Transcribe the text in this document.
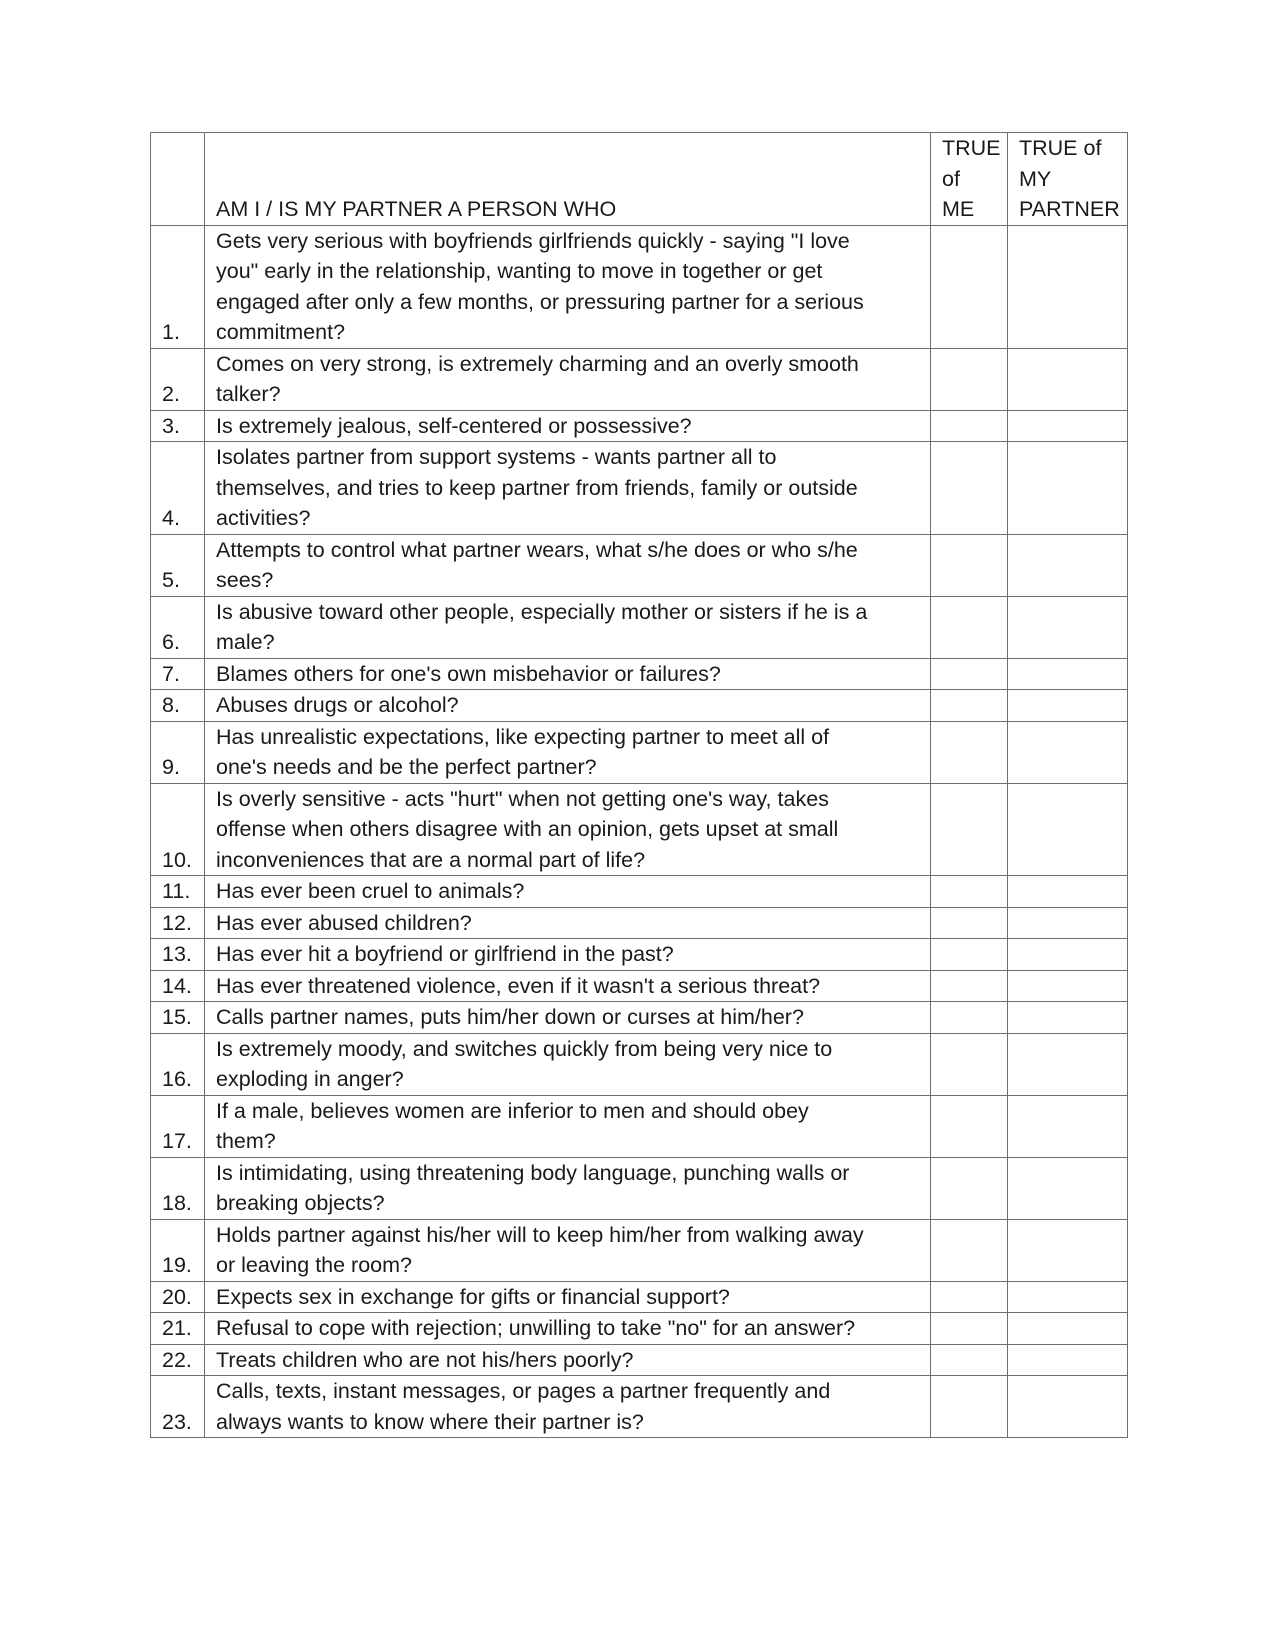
	AM I / IS MY PARTNER A PERSON WHO	TRUE
of
ME	TRUE of
MY
PARTNER
1.	Gets very serious with boyfriends girlfriends quickly - saying "I love
you" early in the relationship, wanting to move in together or get
engaged after only a few months, or pressuring partner for a serious
commitment?		
2.	Comes on very strong, is extremely charming and an overly smooth
talker?		
3.	Is extremely jealous, self-centered or possessive?		
4.	Isolates partner from support systems - wants partner all to
themselves, and tries to keep partner from friends, family or outside
activities?		
5.	Attempts to control what partner wears, what s/he does or who s/he
sees?		
6.	Is abusive toward other people, especially mother or sisters if he is a
male?		
7.	Blames others for one's own misbehavior or failures?		
8.	Abuses drugs or alcohol?		
9.	Has unrealistic expectations, like expecting partner to meet all of
one's needs and be the perfect partner?		
10.	Is overly sensitive - acts "hurt" when not getting one's way, takes
offense when others disagree with an opinion, gets upset at small
inconveniences that are a normal part of life?		
11.	Has ever been cruel to animals?		
12.	Has ever abused children?		
13.	Has ever hit a boyfriend or girlfriend in the past?		
14.	Has ever threatened violence, even if it wasn't a serious threat?		
15.	Calls partner names, puts him/her down or curses at him/her?		
16.	Is extremely moody, and switches quickly from being very nice to
exploding in anger?		
17.	If a male, believes women are inferior to men and should obey
them?		
18.	Is intimidating, using threatening body language, punching walls or
breaking objects?		
19.	Holds partner against his/her will to keep him/her from walking away
or leaving the room?		
20.	Expects sex in exchange for gifts or financial support?		
21.	Refusal to cope with rejection; unwilling to take "no" for an answer?		
22.	Treats children who are not his/hers poorly?		
23.	Calls, texts, instant messages, or pages a partner frequently and
always wants to know where their partner is?		
